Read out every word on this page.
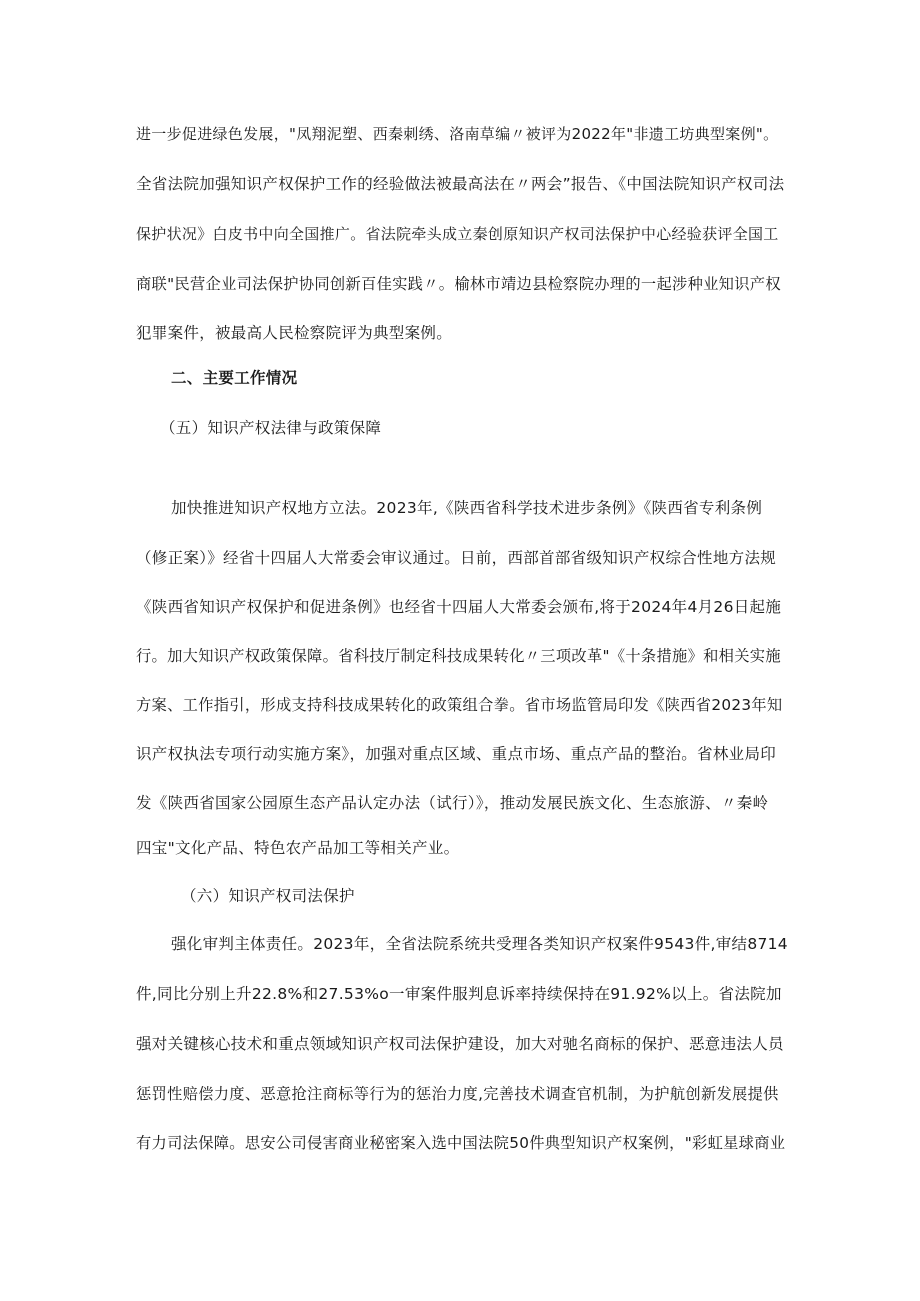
进一步促进绿色发展，"凤翔泥塑、西秦刺绣、洛南草编〃被评为2022年"非遗工坊典型案例"。

全省法院加强知识产权保护工作的经验做法被最高法在〃两会”报告、《中国法院知识产权司法

保护状况》白皮书中向全国推广。省法院牵头成立秦创原知识产权司法保护中心经验获评全国工

商联"民营企业司法保护协同创新百佳实践〃。榆林市靖边县检察院办理的一起涉种业知识产权

犯罪案件，被最高人民检察院评为典型案例。

二、主要工作情况

（五）知识产权法律与政策保障

加快推进知识产权地方立法。2023年,《陕西省科学技术进步条例》《陕西省专利条例

（修正案）》经省十四届人大常委会审议通过。日前，西部首部省级知识产权综合性地方法规

《陕西省知识产权保护和促进条例》也经省十四届人大常委会颁布,将于2024年4月26日起施

行。加大知识产权政策保障。省科技厅制定科技成果转化〃三项改革"《十条措施》和相关实施

方案、工作指引，形成支持科技成果转化的政策组合拳。省市场监管局印发《陕西省2023年知

识产权执法专项行动实施方案》，加强对重点区域、重点市场、重点产品的整治。省林业局印

发《陕西省国家公园原生态产品认定办法（试行）》，推动发展民族文化、生态旅游、〃秦岭

四宝"文化产品、特色农产品加工等相关产业。

（六）知识产权司法保护

强化审判主体责任。2023年，全省法院系统共受理各类知识产权案件9543件,审结8714

件,同比分别上升22.8%和27.53%o一审案件服判息诉率持续保持在91.92%以上。省法院加

强对关键核心技术和重点领域知识产权司法保护建设，加大对驰名商标的保护、恶意违法人员

惩罚性赔偿力度、恶意抢注商标等行为的惩治力度,完善技术调查官机制，为护航创新发展提供

有力司法保障。思安公司侵害商业秘密案入选中国法院50件典型知识产权案例，"彩虹星球商业
